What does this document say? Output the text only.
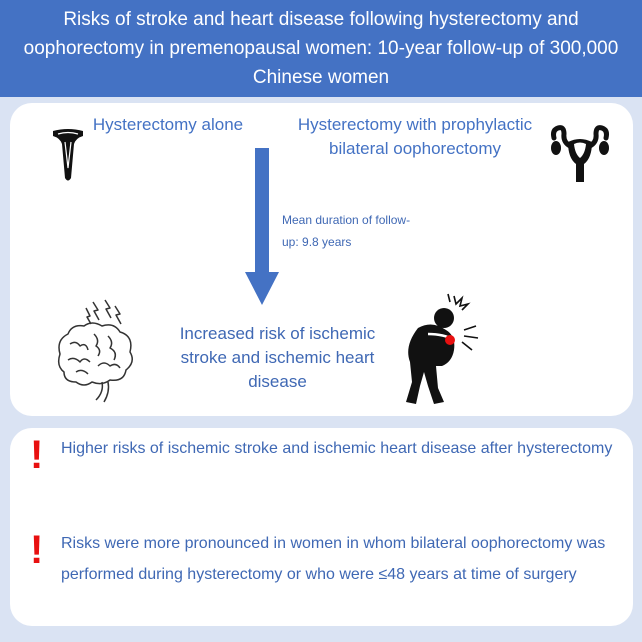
Risks of stroke and heart disease following hysterectomy and oophorectomy in premenopausal women: 10-year follow-up of 300,000 Chinese women
Hysterectomy alone	Hysterectomy with prophylactic bilateral oophorectomy
Mean duration of follow-up: 9.8 years
Increased risk of ischemic stroke and ischemic heart disease
! Higher risks of ischemic stroke and ischemic heart disease after hysterectomy
! Risks were more pronounced in women in whom bilateral oophorectomy was performed during hysterectomy or who were ≤48 years at time of surgery
